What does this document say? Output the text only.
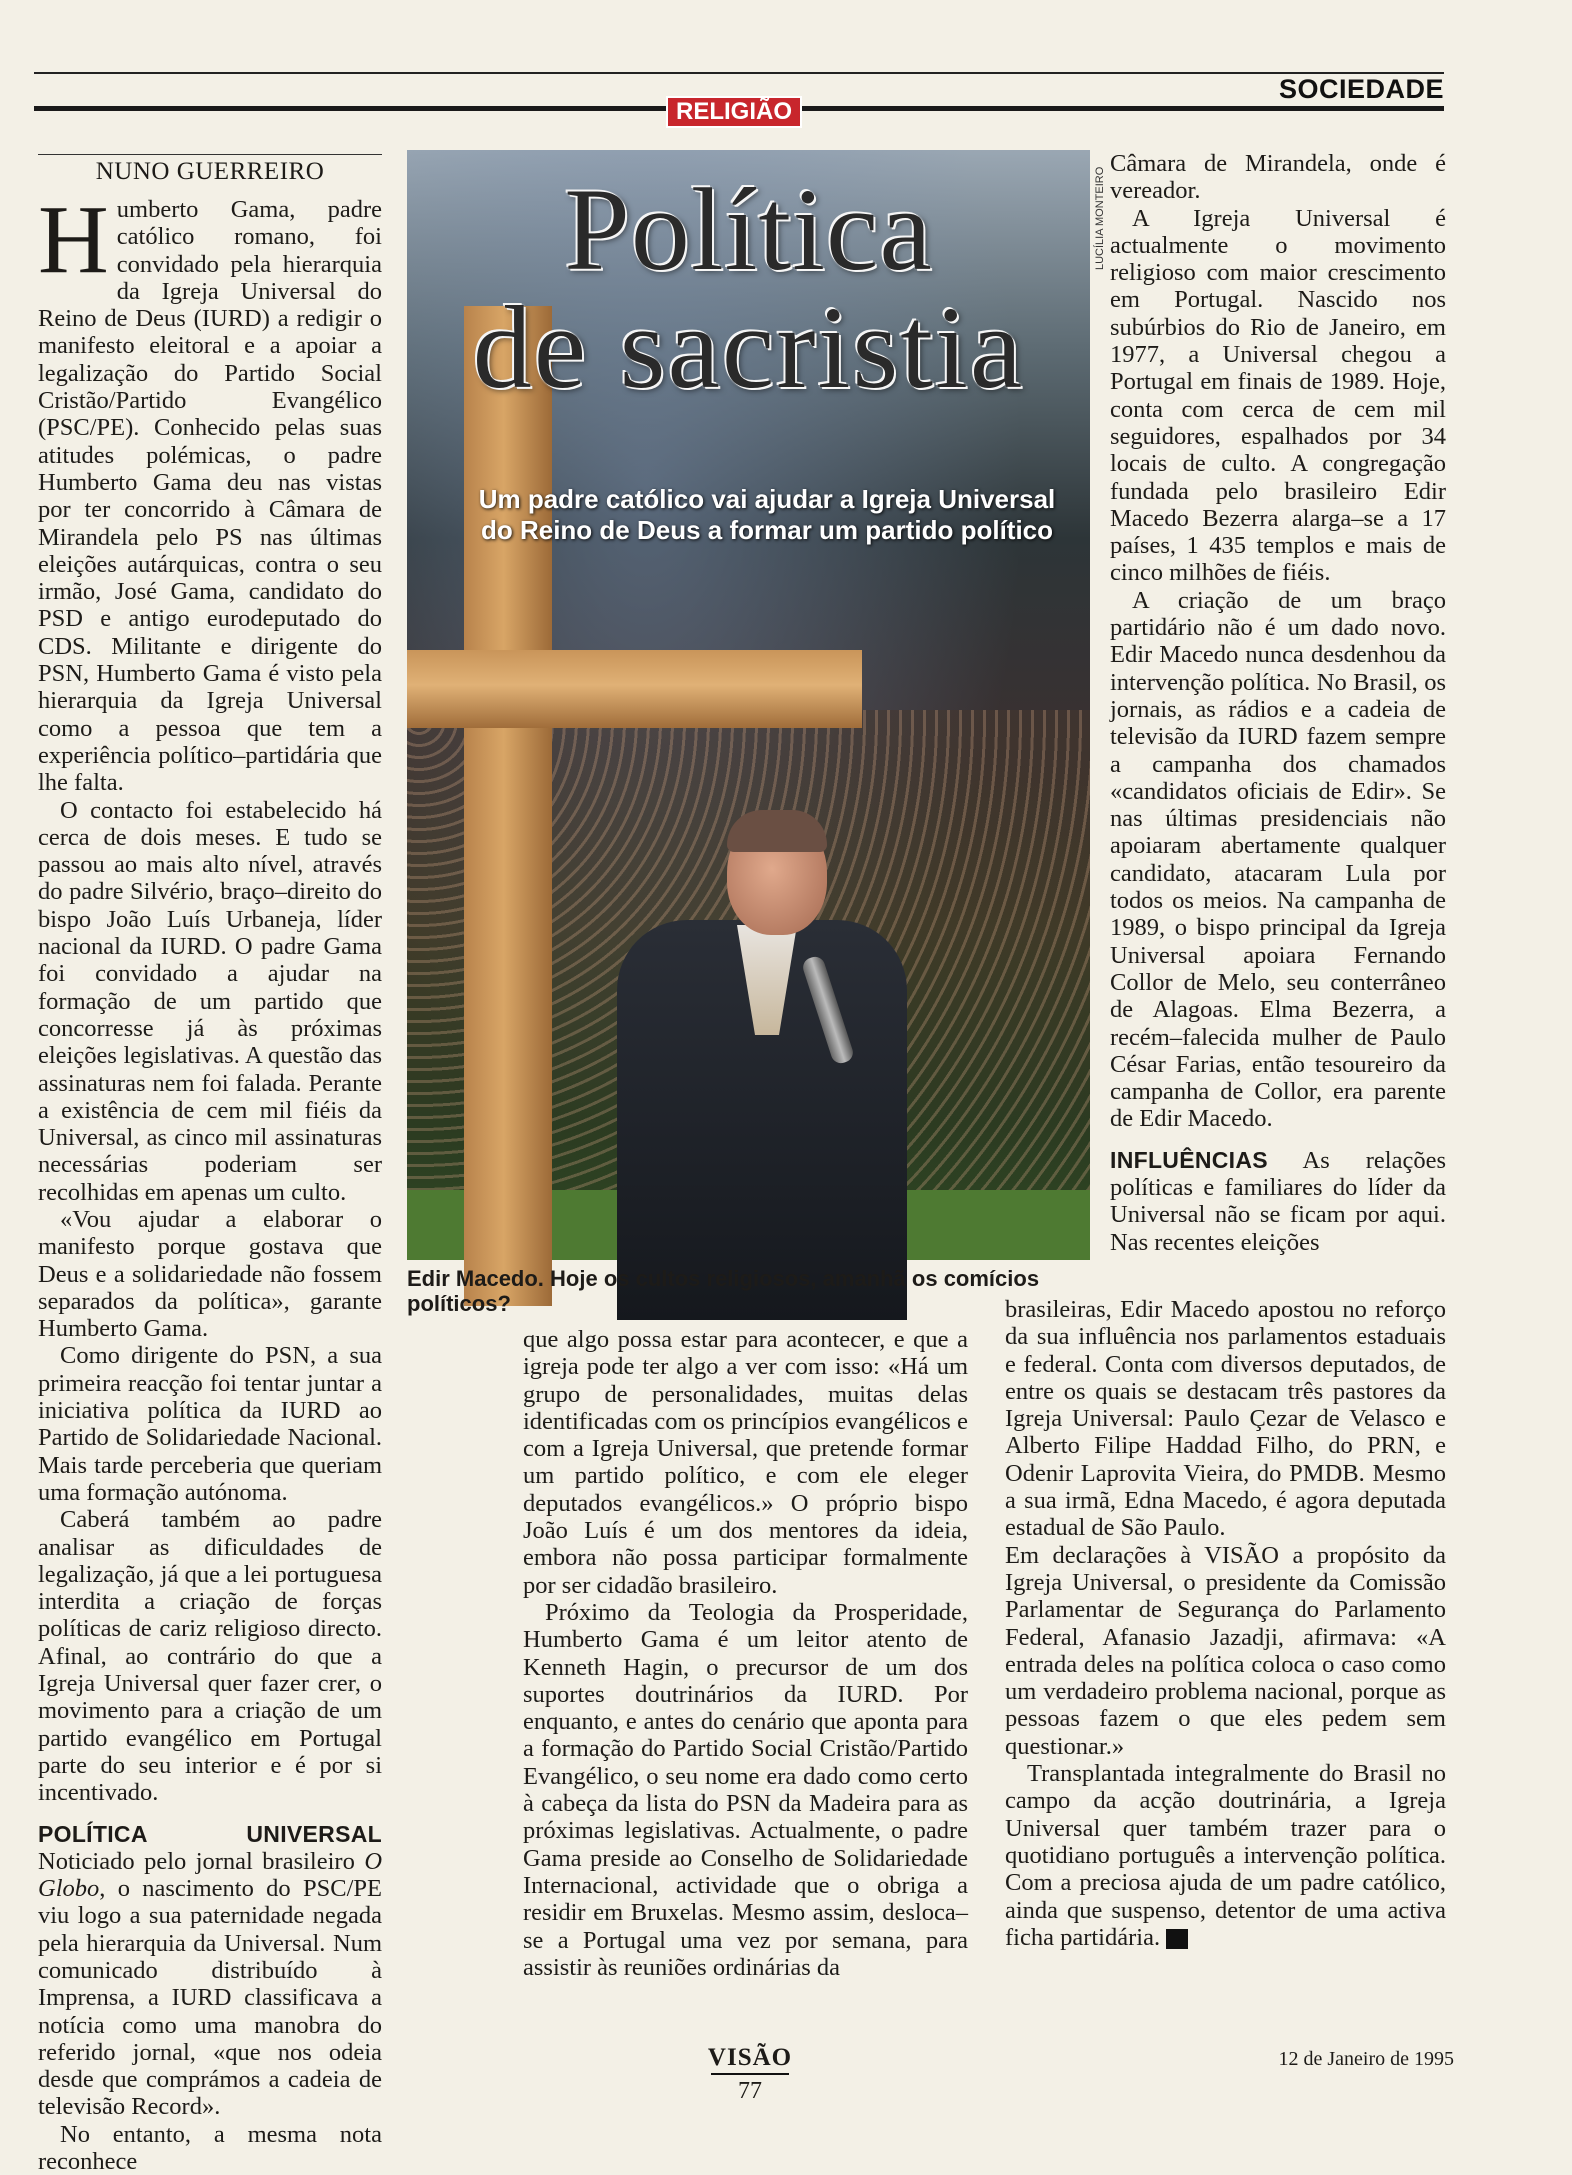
SOCIEDADE
RELIGIÃO
NUNO GUERREIRO

Humberto Gama, padre católico romano, foi convidado pela hierarquia da Igreja Universal do Reino de Deus (IURD) a redigir o manifesto eleitoral e a apoiar a legalização do Partido Social Cristão/Partido Evangélico (PSC/PE). Conhecido pelas suas atitudes polémicas, o padre Humberto Gama deu nas vistas por ter concorrido à Câmara de Mirandela pelo PS nas últimas eleições autárquicas, contra o seu irmão, José Gama, candidato do PSD e antigo eurodeputado do CDS. Militante e dirigente do PSN, Humberto Gama é visto pela hierarquia da Igreja Universal como a pessoa que tem a experiência político–partidária que lhe falta.

O contacto foi estabelecido há cerca de dois meses. E tudo se passou ao mais alto nível, através do padre Silvério, braço–direito do bispo João Luís Urbaneja, líder nacional da IURD. O padre Gama foi convidado a ajudar na formação de um partido que concorresse já às próximas eleições legislativas. A questão das assinaturas nem foi falada. Perante a existência de cem mil fiéis da Universal, as cinco mil assinaturas necessárias poderiam ser recolhidas em apenas um culto.

«Vou ajudar a elaborar o manifesto porque gostava que Deus e a solidariedade não fossem separados da política», garante Humberto Gama.

Como dirigente do PSN, a sua primeira reacção foi tentar juntar a iniciativa política da IURD ao Partido de Solidariedade Nacional. Mais tarde perceberia que queriam uma formação autónoma.

Caberá também ao padre analisar as dificuldades de legalização, já que a lei portuguesa interdita a criação de forças políticas de cariz religioso directo. Afinal, ao contrário do que a Igreja Universal quer fazer crer, o movimento para a criação de um partido evangélico em Portugal parte do seu interior e é por si incentivado.

POLÍTICA UNIVERSAL Noticiado pelo jornal brasileiro O Globo, o nascimento do PSC/PE viu logo a sua paternidade negada pela hierarquia da Universal. Num comunicado distribuído à Imprensa, a IURD classificava a notícia como uma manobra do referido jornal, «que nos odeia desde que comprámos a cadeia de televisão Record».

No entanto, a mesma nota reconhece

Política
de sacristia
Um padre católico vai ajudar a Igreja Universal do Reino de Deus a formar um partido político
LUCÍLIA MONTEIRO
Edir Macedo. Hoje os cultos religiosos, amanhã os comícios políticos?

que algo possa estar para acontecer, e que a igreja pode ter algo a ver com isso: «Há um grupo de personalidades, muitas delas identificadas com os princípios evangélicos e com a Igreja Universal, que pretende formar um partido político, e com ele eleger deputados evangélicos.» O próprio bispo João Luís é um dos mentores da ideia, embora não possa participar formalmente por ser cidadão brasileiro.

Próximo da Teologia da Prosperidade, Humberto Gama é um leitor atento de Kenneth Hagin, o precursor de um dos suportes doutrinários da IURD. Por enquanto, e antes do cenário que aponta para a formação do Partido Social Cristão/Partido Evangélico, o seu nome era dado como certo à cabeça da lista do PSN da Madeira para as próximas legislativas. Actualmente, o padre Gama preside ao Conselho de Solidariedade Internacional, actividade que o obriga a residir em Bruxelas. Mesmo assim, desloca–se a Portugal uma vez por semana, para assistir às reuniões ordinárias da

Câmara de Mirandela, onde é vereador.

A Igreja Universal é actualmente o movimento religioso com maior crescimento em Portugal. Nascido nos subúrbios do Rio de Janeiro, em 1977, a Universal chegou a Portugal em finais de 1989. Hoje, conta com cerca de cem mil seguidores, espalhados por 34 locais de culto. A congregação fundada pelo brasileiro Edir Macedo Bezerra alarga–se a 17 países, 1 435 templos e mais de cinco milhões de fiéis.

A criação de um braço partidário não é um dado novo. Edir Macedo nunca desdenhou da intervenção política. No Brasil, os jornais, as rádios e a cadeia de televisão da IURD fazem sempre a campanha dos chamados «candidatos oficiais de Edir». Se nas últimas presidenciais não apoiaram abertamente qualquer candidato, atacaram Lula por todos os meios. Na campanha de 1989, o bispo principal da Igreja Universal apoiara Fernando Collor de Melo, seu conterrâneo de Alagoas. Elma Bezerra, a recém–falecida mulher de Paulo César Farias, então tesoureiro da campanha de Collor, era parente de Edir Macedo.

INFLUÊNCIAS As relações políticas e familiares do líder da Universal não se ficam por aqui. Nas recentes eleições

brasileiras, Edir Macedo apostou no reforço da sua influência nos parlamentos estaduais e federal. Conta com diversos deputados, de entre os quais se destacam três pastores da Igreja Universal: Paulo Çezar de Velasco e Alberto Filipe Haddad Filho, do PRN, e Odenir Laprovita Vieira, do PMDB. Mesmo a sua irmã, Edna Macedo, é agora deputada estadual de São Paulo.

Em declarações à VISÃO a propósito da Igreja Universal, o presidente da Comissão Parlamentar de Segurança do Parlamento Federal, Afanasio Jazadji, afirmava: «A entrada deles na política coloca o caso como um verdadeiro problema nacional, porque as pessoas fazem o que eles pedem sem questionar.»

Transplantada integralmente do Brasil no campo da acção doutrinária, a Igreja Universal quer também trazer para o quotidiano português a intervenção política. Com a preciosa ajuda de um padre católico, ainda que suspenso, detentor de uma activa ficha partidária. V

VISÃO
77
12 de Janeiro de 1995
